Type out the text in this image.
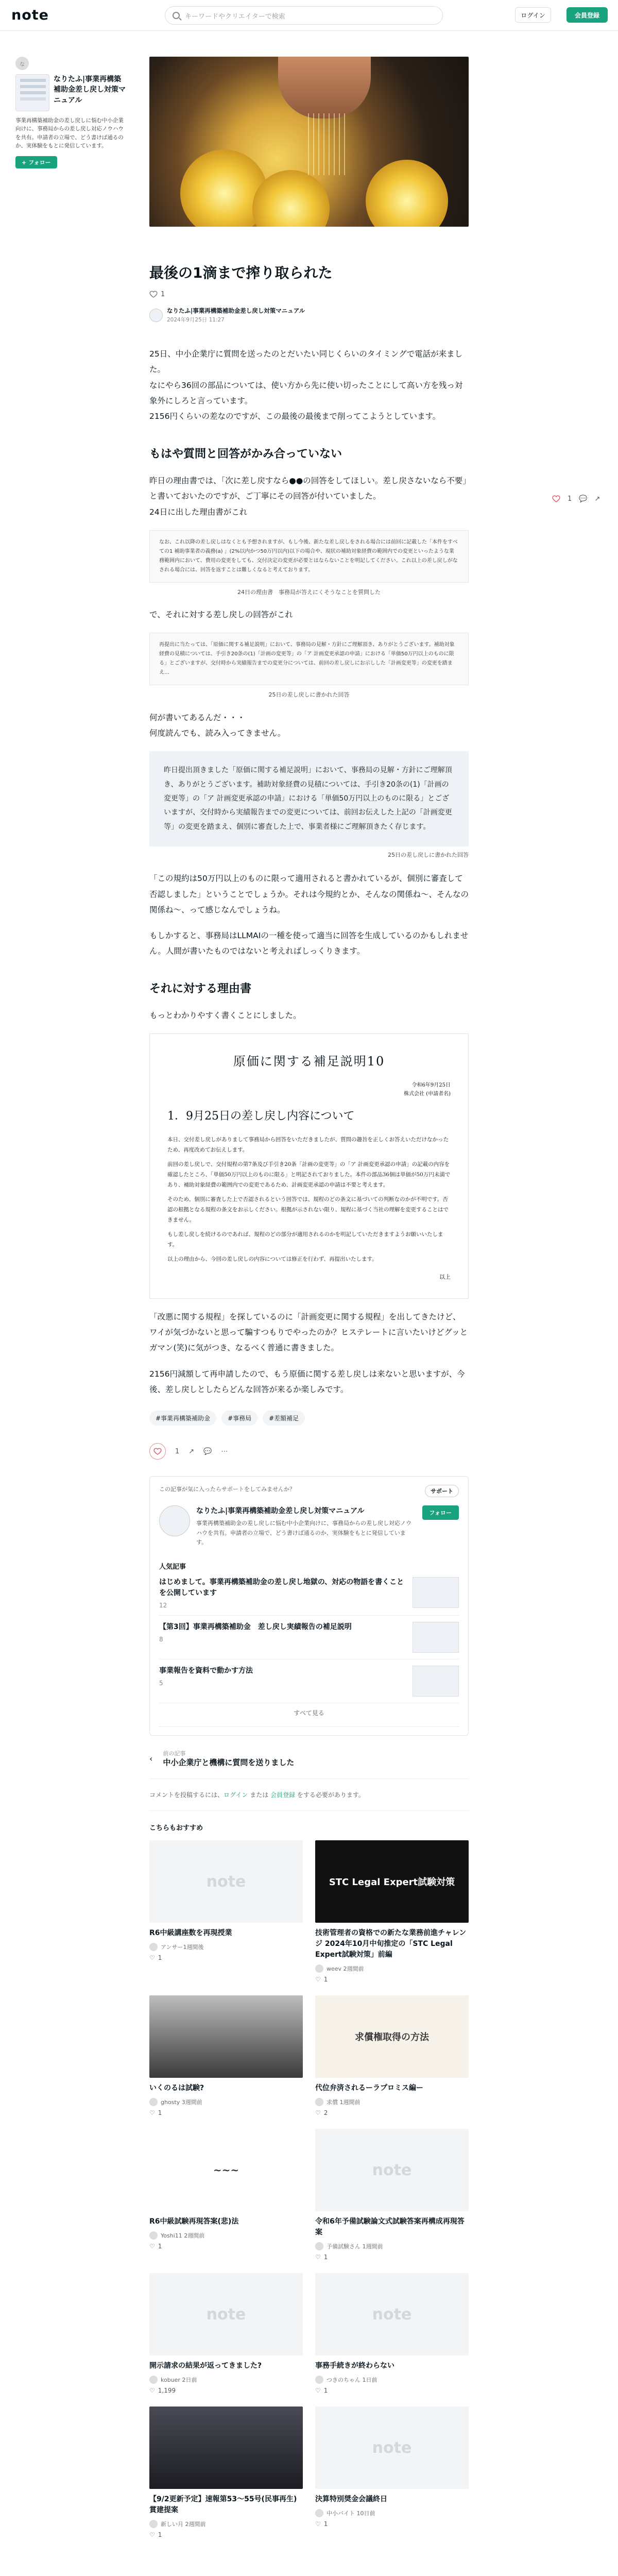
note	キーワードやクリエイターで検索	ログイン	会員登録
な
なりたふ|事業再構築補助金差し戻し対策マニュアル
事業再構築補助金の差し戻しに悩む中小企業向けに、事務局からの差し戻し対応ノウハウを共有。申請者の立場で、どう書けば通るのか、実体験をもとに発信しています。
+ フォロー
1 💬 ↗
最後の1滴まで搾り取られた
1
なりたふ|事業再構築補助金差し戻し対策マニュアル
2024年9月25日 11:27

25日、中小企業庁に質問を送ったのとだいたい同じくらいのタイミングで電話が来ました。

なにやら36回の部品については、使い方から先に使い切ったことにして高い方を残っ対象外にしろと言っています。

2156円くらいの差なのですが、この最後の最後まで削ってこようとしています。

もはや質問と回答がかみ合っていない

昨日の理由書では、「次に差し戻すなら●●の回答をしてほしい。差し戻さないなら不要」と書いておいたのですが、ご丁寧にその回答が付いていました。

24日に出した理由書がこれ

なお、これ以降の差し戻しはなくとも予想されますが、もし今後、新たな差し戻しをされる場合には前回に記載した「本件をすべての1 補助事業者の義務(a) 」(2%以内かつ50万円以内)以下の場合や、現状の補助対象経費の範囲内での変更といったような業務範囲内において、費用の変更をしても、交付決定の変更が必要とはならないことを明記してください。これ以上の差し戻しがなされる場合には、回答を返すことは難しくなると考えております。
24日の理由書　事務局が答えにくそうなことを質問した

で、それに対する差し戻しの回答がこれ

再提出に当たっては、「原価に関する補足説明」において、事務局の見解・方針にご理解頂き、ありがとうございます。補助対象経費の見積については、手引き20条の(1)「計画の変更等」の「ア 計画変更承認の申請」における「単価50万円以上のものに限る」とございますが、交付時から実績報告までの変更分については、前回の差し戻しにお示しした「計画変更等」の変更を踏まえ…
25日の差し戻しに書かれた回答

何が書いてあるんだ・・・

何度読んでも、読み入ってきません。

昨日提出頂きました「原価に関する補足説明」において、事務局の見解・方針にご理解頂き、ありがとうございます。補助対象経費の見積については、手引き20条の(1)「計画の変更等」の「ア 計画変更承認の申請」における「単価50万円以上のものに限る」とございますが、交付時から実績報告までの変更については、前回お伝えした上記の「計画変更等」の変更を踏まえ、個別に審査した上で、事業者様にご理解頂きたく存じます。
25日の差し戻しに書かれた回答

「この規約は50万円以上のものに限って適用されると書かれているが、個別に審査して否認しました」ということでしょうか。それは今規約とか、そんなの関係ね〜、そんなの関係ね〜、って感じなんでしょうね。

もしかすると、事務局はLLMAIの一種を使って適当に回答を生成しているのかもしれません。人間が書いたものではないと考えればしっくりきます。

それに対する理由書

もっとわかりやすく書くことにしました。

原価に関する補足説明10
令和6年9月25日
株式会社 (申請者名)
1．9月25日の差し戻し内容について

本日、交付差し戻しがありまして事務局から回答をいただきましたが、質問の趣旨を正しくお答えいただけなかったため、再度改めてお伝えします。

前回の差し戻しで、交付規程の第7条及び手引き20条「計画の変更等」の「ア 計画変更承認の申請」の記載の内容を確認したところ、「単価50万円以上のものに限る」と明記されておりました。本件の部品36個は単価が50万円未満であり、補助対象経費の範囲内での変更であるため、計画変更承認の申請は不要と考えます。

そのため、個別に審査した上で否認されるという回答では、規程のどの条文に基づいての判断なのかが不明です。否認の根拠となる規程の条文をお示しください。根拠が示されない限り、規程に基づく当社の理解を変更することはできません。

もし差し戻しを続けるのであれば、規程のどの部分が適用されるのかを明記していただきますようお願いいたします。

以上の理由から、今回の差し戻しの内容については修正を行わず、再提出いたします。

以上

「改悪に関する規程」を探しているのに「計画変更に関する規程」を出してきたけど、ワイが気づかないと思って騙すつもりでやったのか？ヒステレートに言いたいけどグッとガマン(笑)に気がつき、なるべく普通に書きました。

2156円減額して再申請したので、もう原価に関する差し戻しは来ないと思いますが、今後、差し戻しとしたらどんな回答が来るか楽しみです。

#事業再構築補助金	#事務局	#差額補足
1 ↗ 💬 ⋯
この記事が気に入ったらサポートをしてみませんか？	サポート
なりたふ|事業再構築補助金差し戻し対策マニュアル
事業再構築補助金の差し戻しに悩む中小企業向けに、事務局からの差し戻し対応ノウハウを共有。申請者の立場で、どう書けば通るのか、実体験をもとに発信しています。
フォロー
人気記事
はじめまして。事業再構築補助金の差し戻し地獄の、対応の物語を書くことを公開しています
12
【第3回】事業再構築補助金　差し戻し実績報告の補足説明
8
事業報告を資料で動かす方法
5
すべて見る
‹
前の記事
中小企業庁と機構に質問を送りました
コメントを投稿するには、ログイン または 会員登録 をする必要があります。
こちらもおすすめ
note
R6中級講座数を再現授業
アンサー1週間後
♡ 1
STC Legal Expert試験対策
技術管理者の資格での新たな業務前進チャレンジ 2024年10月中旬推定の「STC Legal Expert試験対策」前編
weev 2週間前
♡ 1
いくのるは試験?
ghosty 3週間前
♡ 1
求償権取得の方法
代位弁済されるーラプロミス編ー
求償 1週間前
♡ 2
~~~
R6中級試験再現答案(悲)法
Yoshi11 2週間前
♡ 1
note
令和6年予備試験論文式試験答案再構成再現答案
予備試験さん 1週間前
♡ 1
note
開示請求の結果が返ってきました?
kobuer 2日前
♡ 1,199
note
事務手続きが終わらない
つきのちゃん 1日前
♡ 1
【9/2更新予定】速報第53〜55号(民事再生)賞建提案
新しい月 2週間前
♡ 1
note
決算特別奨金会議終日
中小バイト 10日前
♡ 1
